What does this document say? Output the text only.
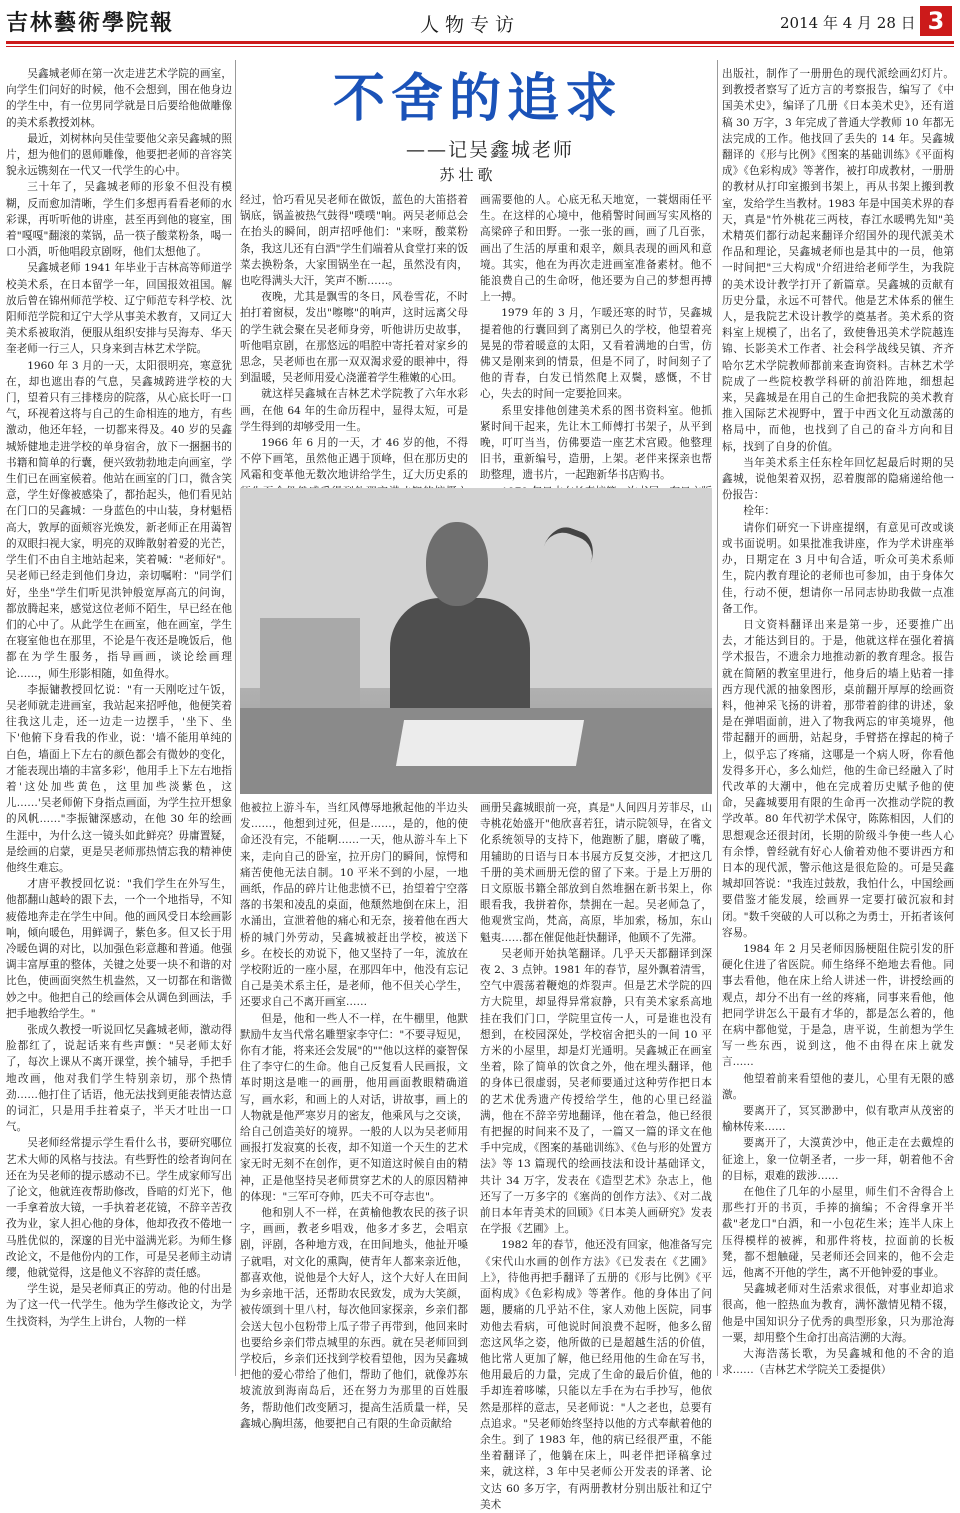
吉林藝術學院報	人物专访	2014 年 4 月 28 日 3
不舍的追求
——记吴鑫城老师
苏壮歌

吴鑫城老师在第一次走进艺术学院的画室，向学生们问好的时候，他不会想到，围在他身边的学生中，有一位男同学就是日后要给他做雕像的美术系教授刘林。

最近，刘树林向吴佳莹要他父亲吴鑫城的照片，想为他们的恩师雕像，他要把老师的音容笑貌永远镌刻在一代又一代学生的心中。

三十年了，吴鑫城老师的形象不但没有模糊，反而愈加清晰，学生们多想再看看老师的水彩课，再听听他的讲座，甚至再到他的寝室，围着"嘎嘎"翻滚的菜锅，品一筷子酸菜粉条，喝一口小酒，听他唱段京剧呀，他们太想他了。

吴鑫城老师 1941 年毕业于吉林高等师道学校美术系，在日本留学一年，回国报效祖国。解放后曾在锦州师范学校、辽宁师范专科学校、沈阳师范学院和辽宁大学从事美术教育，又同辽大美术系被取消，便服从组织安排与吴海寿、华天奎老师一行三人，只身来到吉林艺术学院。

1960 年 3 月的一天，太阳很明亮，寒意犹在，却也遮出春的气息，吴鑫城跨进学校的大门，望着只有三排楼房的院落，从心底长吁一口气，环视着这将与自己的生命相连的地方，有些激动，他还年轻，一切都来得及。40 岁的吴鑫城矫健地走进学校的单身宿舍，放下一捆捆书的书籍和简单的行囊，便兴致勃勃地走向画室，学生们已在画室候着。他站在画室的门口，微含笑意，学生好像被感染了，都抬起头，他们看见站在门口的吴鑫城：一身蓝色的中山装，身材魁梧高大，敦厚的面颊容光焕发，新老师正在用蔼智的双眼扫视大家，明亮的双眸散射着爱的光芒，学生们不由自主地站起来，笑着喊："老师好"。吴老师已经走到他们身边，亲切嘱咐："同学们好，坐坐"学生们听见洪钟般宽厚高亢的问询，都放腾起来，感觉这位老师不陌生，早已经在他们的心中了。从此学生在画室，他在画室，学生在寝室他也在那里，不论是午夜还是晚饭后，他都在为学生服务，指导画画，谈论绘画理论……，师生形影相随，如鱼得水。

李振镛教授回忆说："有一天刚吃过午饭，吴老师就走进画室，我站起来招呼他，他便笑着往我这儿走，还一边走一边摆手，'坐下、坐下'他俯下身看我的作业，说：'墙不能用单纯的白色，墙面上下左右的颜色都会有微妙的变化，才能表现出墙的丰富多彩'，他用手上下左右地指着'这处加些黄色，这里加些淡紫色，这儿……'吴老师俯下身指点画面，为学生拉开想象的风帆……"李振镛深感动，在他 30 年的绘画生涯中，为什么这一镜头如此鲜亮？毋庸置疑，是绘画的启蒙，更是吴老师那热情忘我的精神使他终生难忘。

才唐平教授回忆说："我们学生在外写生，他都翻山越岭的跟下去，一个一个地指导，不知疲倦地奔走在学生中间。他的画风受日本绘画影响，倾向暖色，用鲜调子，紫色多。但又长于用冷暖色调的对比，以加强色彩意趣和普通。他强调丰富厚重的整体，关键之处要一块不和谐的对比色，使画面突然生机盎然，又一切都在和谐微妙之中。他把自己的绘画体会从调色到画法，手把手地教给学生。"

张成久教授一听说回忆吴鑫城老师，激动得脸都红了，说起话来有些声颤："吴老师太好了，每次上课从不离开课堂，挨个辅导，手把手地改画，他对我们学生特别亲切，那个热情劲……他打住了话语，他无法找到更能表情达意的词汇，只是用手拄着桌子，半天才吐出一口气。

吴老师经常提示学生看什么书，要研究哪位艺术大师的风格与技法。有些野性的绘者询问在还在为吴老师的提示感动不已。学生成家师写出了论文，他就连夜帮助修改，昏暗的灯光下，他一手拿着放大镜，一手执着老花镜，不辞辛苦孜孜为业，家人担心他的身体，他却孜孜不倦地一马胜优似的，深邃的目光中溢满光彩。为师生修改论文，不是他份内的工作，可是吴老师主动请缨，他就觉得，这是他义不容辞的责任感。

学生说，是吴老师真正的劳动。他的付出是为了这一代一代学生。他为学生修改论文，为学生找资料，为学生上讲台，人物的一样

经过，恰巧看见吴老师在做饭，蓝色的大笛搭着锅底，锅盖被热气鼓得"噗噗"响。两吴老师总会在抬头的瞬间，朗声招呼他们："来呀，酸菜粉条，我这儿还有白酒"学生们端着从食堂打来的饭菜去换粉条，大家围锅坐在一起，虽然没有肉，也吃得满头大汗，笑声不断……。

夜晚，尤其是飘雪的冬日，风卷雪花，不时拍打着窗棂，发出"嚓嚓"的响声，这时远离父母的学生就会聚在吴老师身旁，听他讲历史故事，听他唱京剧，在那悠远的唱腔中寄托着对家乡的思念，吴老师也在那一双双渴求爱的眼神中，得到温暖，吴老师用爱心浇灌着学生稚嫩的心田。

就这样吴鑫城在吉林艺术学院教了六年水彩画，在他 64 年的生命历程中，显得太短，可是学生得到的却够受用一生。

1966 年 6 月的一天，才 46 岁的他，不得不停下画笔，虽然他正遇于顶峰，但在那历史的风霜和变革他无数次地讲给学生，辽大历史系的

画需要他的人。心底无私天地宽，一蓑烟雨任平生。在这样的心境中，他稍警时间画写实风格的高梁碎子和田野。一张一张的画，画了几百张，画出了生活的厚重和艰辛，颇具表现的画风和意境。其实，他在为再次走进画室准备素材。他不能浪费自己的生命呀，他还要为自己的梦想再搏上一搏。

1979 年的 3 月，乍暖还寒的时节，吴鑫城提着他的行囊回到了离别已久的学校，他望着亮晃晃的带着暖意的太阳，又看着满地的白雪，仿佛又是刚来到的情景，但是不同了，时间刻子了他的青春，白发已悄然爬上双鬓，感慨，不甘心，失去的时间一定要抢回来。

系里安排他创建美术系的图书资料室。他抓紧时间干起来，先让木工师傅打书架子，从平到晚，叮叮当当，仿佛要造一座艺术宫殿。他整理旧书，重新编号，造册，上架。老伴来探亲也帮助整理，遗书片，一起跑新华书店购书。

他被拉上游斗车，当红风傳辱地揪起他的半边头发……，他想到过死，但是……，是的，他的使命还没有完，不能啊……一天，他从游斗车上下来，走向自己的卧室，拉开房门的瞬间，惊愕和痛苦使他无法自制。10 平米不到的小屋，一地画纸，作品的碎片让他悲愤不已，抬望着宁空落落的书架和凌乱的桌面，他颓然地倒在床上，泪水涌出，宣泄着他的痛心和无奈，接着他在西大桥的城门外劳动，吴鑫城被赶出学校，被送下乡。在校长的劝说下，他又坚持了一年，流放在学校附近的一座小屋，在那四年中，他没有忘记自己是美术系主任，是老师，他不但关心学生，还要求自己不离开画室……

但是，他和一些人不一样，在牛棚里，他默默励牛友当代常名雕塑家李守仁："不要寻短见，你有才能，将来还会发展"的""他以这样的豪智保住了李守仁的生命。他自己反复看人民画报，文革时期这是唯一的画册，他用画面教眼精确道写，画水彩，和画上的人对话，讲故事，画上的人物就是他严寒岁月的密友，他乘风与之交谈，给自己创造美好的境界。一般的人以为吴老师用画报打发寂寞的长夜，却不知道一个天生的艺术家无时无刻不在创作，更不知道这时候自由的精神，正是他坚持吴老师贯穿艺术的人的原因精神的体现："三军可夺帅，匹夫不可夺志也"。

他和别人不一样，在黄榆他教农民的孩子识字，画画，教老乡唱戏，他多才多艺，会唱京剧，评剧，各种地方戏，在田间地头，他扯开嗓子就唱，对文化的熏陶，使青年人都来亲近他，都喜欢他，说他是个大好人，这个大好人在田间为乡亲地干活，还帮助农民致发，成为大笑颜，被传颂到十里八村，每次他回家探亲，乡亲们都会送大包小包粉带上瓜子带子再带到，他回来时也要给乡亲们带点城里的东西。就在吴老师回到学校后，乡亲们还找到学校看望他，因为吴鑫城把他的爱心带给了他们，帮助了他们，就像苏东坡流放到海南岛后，还在努力为那里的百姓服务，帮助他们改变陋习，提高生活质量一样，吴鑫城心胸坦荡，他要把自己有限的生命贡献给

画册吴鑫城眼前一亮，真是"人间四月芳菲尽，山寺桃花始盛开"他欣喜若狂，请示院领导，在省文化系统领导的支持下，他跑断了腿，磨破了嘴，用辅助的日语与日本书展方反复交涉，才把这几千册的美术画册无偿的留了下来。于是上万册的日文原版书籍全部放到自然堆捆在新书架上，你眼看我，我拼着你，禁拥在一起。吴老师急了，他观赏宝尚，梵高，高原，毕加索，杨加，东山魁夷……都在催促他赶快翻译，他顾不了先滞。

吴老师开始执笔翻译。几乎天天都翻译到深夜 2、3 点钟。1981 年的春节，屋外飘着清雪，空气中震荡着鞭炮的炸裂声。但是艺术学院的四方大院里，却显得异常寂静，只有美术家系高地挂在我们门口，学院里宣传一人，可是谁也没有想到，在校园深处，学校宿舍把头的一间 10 平方米的小屋里，却是灯光通明。吴鑫城正在画室坐着，除了简单的饮食之外，他在埋头翻译，他的身体已很虚弱，吴老师要通过这种劳作把日本的艺术优秀遗产传授给学生，他的心里已经溢满，他在不辞辛劳地翻译，他在着急，他已经很有把握的时间来不及了，一篇又一篇的译文在他手中完成，《图案的基础训练》、《色与形的处置方法》等 13 篇现代的绘画技法和设计基础译文，共计 34 万字，发表在《造型艺术》杂志上，他还写了一万多字的《塞尚的创作方法》、《对二战前日本年青美术的回顾》《日本美人画研究》发表在学报《艺圃》上。

1982 年的春节，他还没有回家，他准备写完《宋代山水画的创作方法》《已发表在《艺圃》上》，待他再把手翻译了五册的《形与比例》《平面构成》《色彩构成》等著作。他的身体出了问题，腰痛的几乎站不住，家人劝他上医院，同事劝他去看病，可他说时间浪费不起呀，他多么留恋这风华之姿，他所做的已是超越生活的价值，他比常人更加了解，他已经用他的生命在写书，他用最后的力量，完成了生命的最后价值，他的手却连着哆嗦，只能以左手在为右手抄写，他依然是那样的意志，吴老师说："人之老也，总要有点追求。"吴老师始终坚持以他的方式奉献着他的余生。到了 1983 年，他的病已经很严重，不能坐着翻译了，他躺在床上，叫老伴把译稿拿过来，就这样，3 年中吴老师公开发表的译著、论文达 60 多万字，有两册教材分别出版社和辽宁美术

出版社，制作了一册册色的现代派绘画幻灯片。到教授者察写了近方言的考察报告，编写了《中国美术史》，编译了几册《日本美术史》，还有道稿 30 万字，3 年完成了普通大学教师 10 年都无法完成的工作。他找回了丢失的 14 年。吴鑫城翻译的《形与比例》《图案的基础训练》《平面构成》《色彩构成》等著作，被打印成教材，一册册的教材从打印室搬到书架上，再从书架上搬到教室，发给学生当教材。1983 年是中国美术界的春天，真是"竹外桃花三两枝，春江水暖鸭先知"美术精英们都行动起来翻译介绍国外的现代派美术作品和理论，吴鑫城老师也是其中的一员，他第一时间把"三大构成"介绍进给老师学生，为我院的美术设计教学打开了新篇章。吴鑫城的贡献有历史分量，永远不可替代。他是艺术体系的催生人，是我院艺术设计教学的奠基者。美术系的资料室上规模了，出名了，致使鲁迅美术学院越连锦、长影美术工作者、社会科学战线吴镇、齐齐哈尔艺术学院教师都前来查询资料。吉林艺术学院成了一些院校教学科研的前沿阵地，细想起来，吴鑫城是在用自己的生命把我院的美术教育推入国际艺术视野中，置于中西文化互动激荡的格局中，而他，也找到了自己的奋斗方向和目标，找到了自身的价值。

当年美术系主任东栓年回忆起最后时期的吴鑫城，说他架着双拐，忍着腹部的隐痛递给他一份报告：

栓年：

请你们研究一下讲座提纲，有意见可改或谈或书面说明。如果批准我讲座，作为学术讲座举办，日期定在 3 月中旬合适，听众可美术系师生，院内教育理论的老师也可参加，由于身体欠佳，行动不便，想请你一吊同志协助我做一点准备工作。

日文资料翻译出来是第一步，还要推广出去，才能达到目的。于是，他就这样在强化着搞学术报告，不遗余力地推动新的教育理念。报告就在简陋的教室里进行，他身后的墙上贴着一排西方现代派的抽象图形，桌前翻开厚厚的绘画资料，他神采飞扬的讲着，那带着韵律的讲述，象是在弹唱面前，进入了物我两忘的审美境界，他带起翻开的画册，站起身，手臂搭在撑起的椅子上，似乎忘了疼痛，这哪是一个病人呀，你看他发得多开心，多么灿烂，他的生命已经融入了时代改革的大潮中，他在完成着历史赋予他的使命，吴鑫城要用有限的生命再一次推动学院的教学改革。80 年代初学术保守，陈陈相因，人们的思想观念还很封闭，长期的阶级斗争使一些人心有余悸，曾经就有好心人偷着劝他不要讲西方和日本的现代派，警示他这是很危险的。可是吴鑫城却回答说："我连过鼓敖，我怕什么，中国绘画要借鉴才能发展，绘画界一定要打破沉寂和封闭。"数千突破的人可以称之为勇士，开拓者该何容易。

1984 年 2 月吴老师因肠梗阻住院引发的肝硬化住进了省医院。师生络绎不绝地去看他。同事去看他，他在床上给人讲述一件，讲授绘画的观点，却分不出有一丝的疼痛，同事来看他，他把同学讲怎么干最有才华的，都是怎么着的，他在病中都他觉，于是急，唐平说，生前想为学生写一些东西，说到这，他不由得在床上就发言……

他望着前来看望他的妻儿，心里有无限的感激。

要离开了，冥冥渺渺中，似有歌声从茂密的榆林传来……

要离开了，大漠黄沙中，他正走在去戴煌的征途上，象一位朝圣者，一步一拜，朝着他不舍的目标，艰难的跋涉……

在他住了几年的小屋里，师生们不舍得合上那些打开的书页，手捧的摘编；不舍得拿开半截"老龙口"白酒，和一小包花生米；连半人床上压得模样的被裤，和那件将枝，拉面前的长板凳，都不想触碰，吴老师还会回来的，他不会走远，他离不开他的学生，离不开他钟爱的事业。

吴鑫城老师对生活索求很低，对事业却追求很高，他一腔热血为教育，满怀激情见精不辍，他是中国知识分子优秀的典型形象，只为那沧海一粟，却用整个生命打出高洁溯的大海。

大海浩荡长歌，为吴鑫城和他的不舍的追求……（吉林艺术学院关工委提供）
